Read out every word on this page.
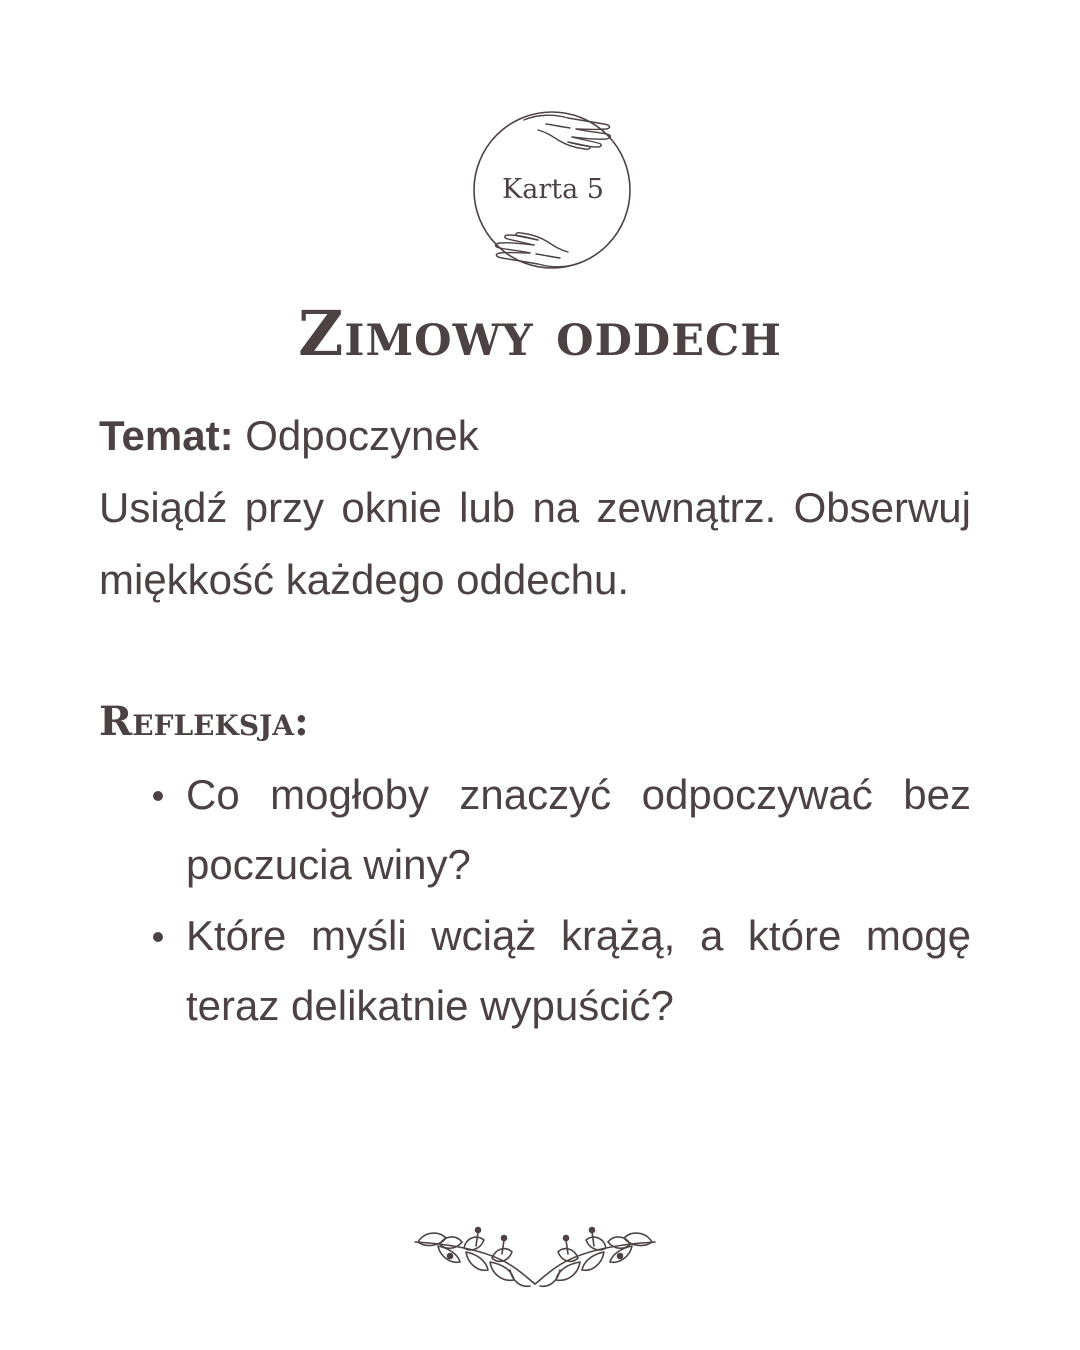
Karta 5
Zimowy oddech
Temat: Odpoczynek

Usiądź przy oknie lub na zewnątrz. Obserwuj miękkość każdego oddechu.

Refleksja:
Co mogłoby znaczyć odpoczywać bez poczucia winy?
Które myśli wciąż krążą, a które mogę teraz delikatnie wypuścić?
